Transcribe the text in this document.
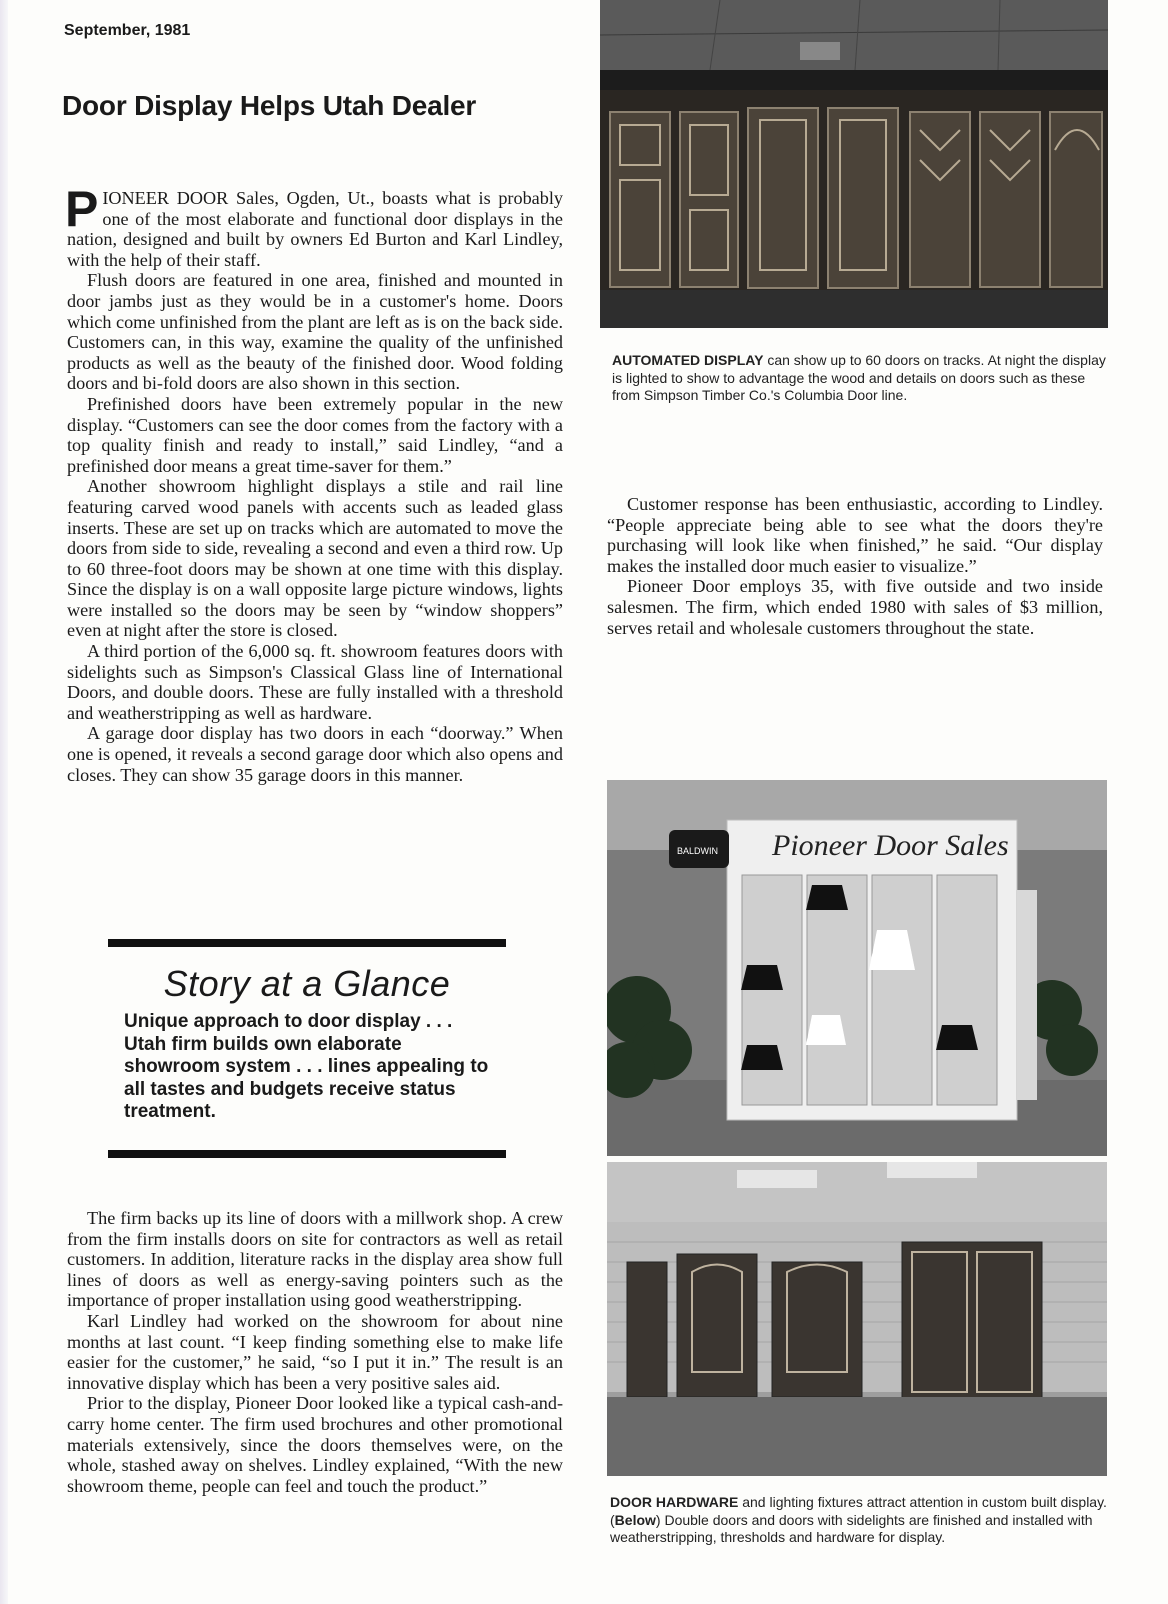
September, 1981
Door Display Helps Utah Dealer

P IONEER DOOR Sales, Ogden, Ut., boasts what is probably one of the most elaborate and functional door displays in the nation, designed and built by owners Ed Burton and Karl Lindley, with the help of their staff.

Flush doors are featured in one area, finished and mounted in door jambs just as they would be in a customer's home. Doors which come unfinished from the plant are left as is on the back side. Customers can, in this way, examine the quality of the unfinished products as well as the beauty of the finished door. Wood folding doors and bi-fold doors are also shown in this section.

Prefinished doors have been extremely popular in the new display. “Customers can see the door comes from the factory with a top quality finish and ready to install,” said Lindley, “and a prefinished door means a great time-saver for them.”

Another showroom highlight displays a stile and rail line featuring carved wood panels with accents such as leaded glass inserts. These are set up on tracks which are automated to move the doors from side to side, revealing a second and even a third row. Up to 60 three-foot doors may be shown at one time with this display. Since the display is on a wall opposite large picture windows, lights were installed so the doors may be seen by “window shoppers” even at night after the store is closed.

A third portion of the 6,000 sq. ft. showroom features doors with sidelights such as Simpson's Classical Glass line of International Doors, and double doors. These are fully installed with a threshold and weatherstripping as well as hardware.

A garage door display has two doors in each “doorway.” When one is opened, it reveals a second garage door which also opens and closes. They can show 35 garage doors in this manner.

Story at a Glance
Unique approach to door display . . . Utah firm builds own elaborate showroom system . . . lines appealing to all tastes and budgets receive status treatment.

The firm backs up its line of doors with a millwork shop. A crew from the firm installs doors on site for contractors as well as retail customers. In addition, literature racks in the display area show full lines of doors as well as energy-saving pointers such as the importance of proper installation using good weatherstripping.

Karl Lindley had worked on the showroom for about nine months at last count. “I keep finding something else to make life easier for the customer,” he said, “so I put it in.” The result is an innovative display which has been a very positive sales aid.

Prior to the display, Pioneer Door looked like a typical cash-and-carry home center. The firm used brochures and other promotional materials extensively, since the doors themselves were, on the whole, stashed away on shelves. Lindley explained, “With the new showroom theme, people can feel and touch the product.”

Customer response has been enthusiastic, according to Lindley. “People appreciate being able to see what the doors they're purchasing will look like when finished,” he said. “Our display makes the installed door much easier to visualize.”

Pioneer Door employs 35, with five outside and two inside salesmen. The firm, which ended 1980 with sales of $3 million, serves retail and wholesale customers throughout the state.

AUTOMATED DISPLAY can show up to 60 doors on tracks. At night the display is lighted to show to advantage the wood and details on doors such as these from Simpson Timber Co.'s Columbia Door line.
Pioneer Door Sales
BALDWIN
DOOR HARDWARE and lighting fixtures attract attention in custom built display. (Below) Double doors and doors with sidelights are finished and installed with weatherstripping, thresholds and hardware for display.
